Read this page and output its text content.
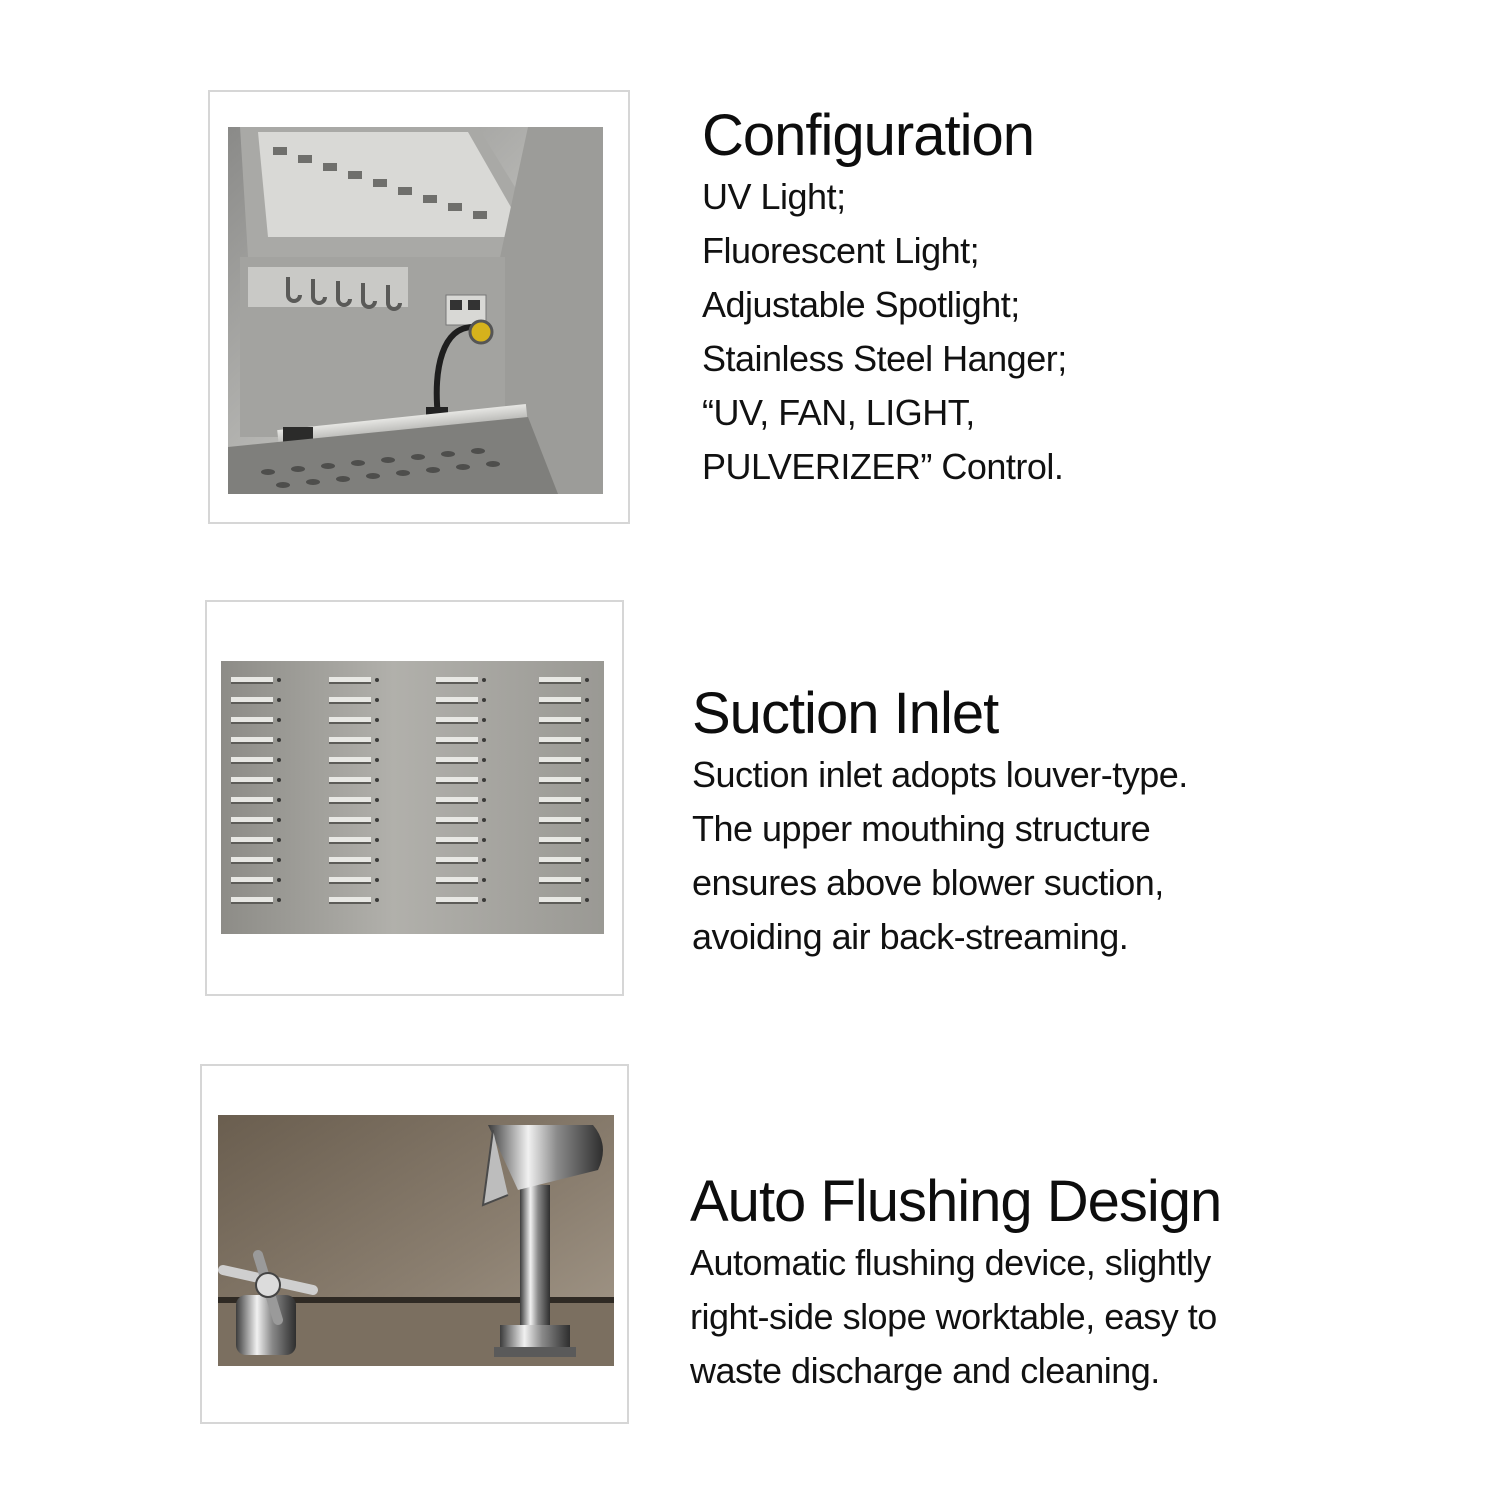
Configuration
UV Light;
Fluorescent Light;
Adjustable Spotlight;
Stainless Steel Hanger;
“UV, FAN, LIGHT,
PULVERIZER” Control.
Suction Inlet
Suction inlet adopts louver-type.
The upper mouthing structure
ensures above blower suction,
avoiding air back-streaming.
Auto Flushing Design
Automatic flushing device, slightly
right-side slope worktable, easy to
waste discharge and cleaning.
